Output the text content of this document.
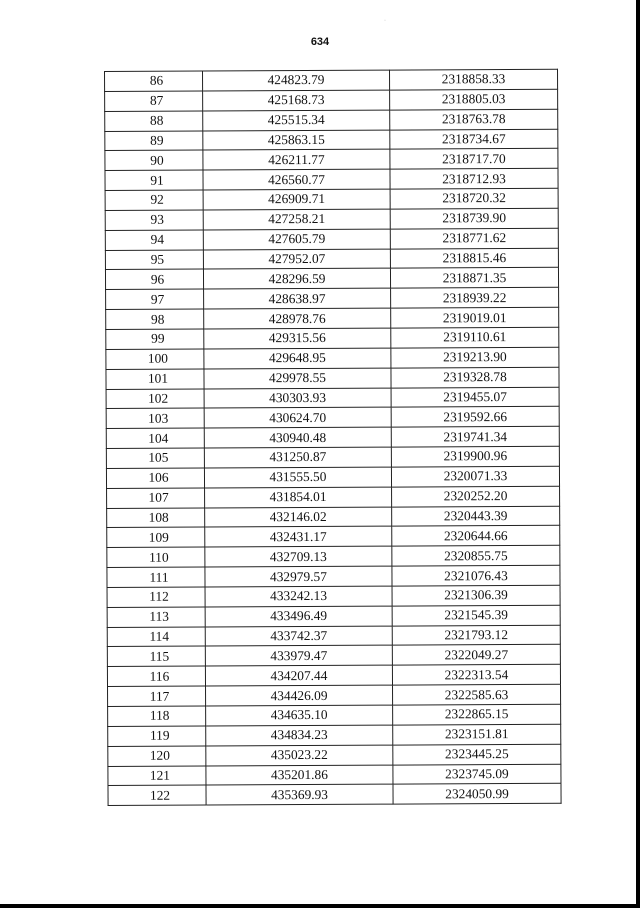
·
634
86	424823.79	2318858.33
87	425168.73	2318805.03
88	425515.34	2318763.78
89	425863.15	2318734.67
90	426211.77	2318717.70
91	426560.77	2318712.93
92	426909.71	2318720.32
93	427258.21	2318739.90
94	427605.79	2318771.62
95	427952.07	2318815.46
96	428296.59	2318871.35
97	428638.97	2318939.22
98	428978.76	2319019.01
99	429315.56	2319110.61
100	429648.95	2319213.90
101	429978.55	2319328.78
102	430303.93	2319455.07
103	430624.70	2319592.66
104	430940.48	2319741.34
105	431250.87	2319900.96
106	431555.50	2320071.33
107	431854.01	2320252.20
108	432146.02	2320443.39
109	432431.17	2320644.66
110	432709.13	2320855.75
111	432979.57	2321076.43
112	433242.13	2321306.39
113	433496.49	2321545.39
114	433742.37	2321793.12
115	433979.47	2322049.27
116	434207.44	2322313.54
117	434426.09	2322585.63
118	434635.10	2322865.15
119	434834.23	2323151.81
120	435023.22	2323445.25
121	435201.86	2323745.09
122	435369.93	2324050.99
